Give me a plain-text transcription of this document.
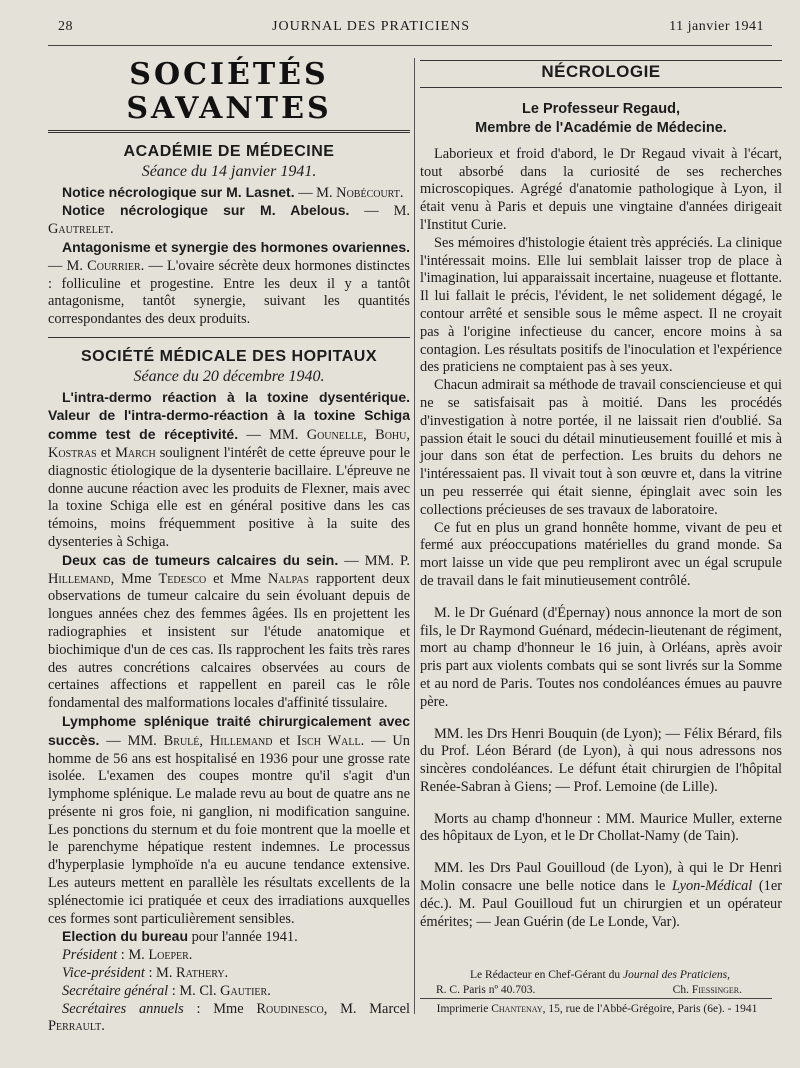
28	JOURNAL DES PRATICIENS	11 janvier 1941
SOCIÉTÉS SAVANTES
ACADÉMIE DE MÉDECINE
Séance du 14 janvier 1941.

Notice nécrologique sur M. Lasnet. — M. Nobécourt.

Notice nécrologique sur M. Abelous. — M. Gautrelet.

Antagonisme et synergie des hormones ovariennes. — M. Courrier. — L'ovaire sécrète deux hormones distinctes : folliculine et progestine. Entre les deux il y a tantôt antagonisme, tantôt synergie, suivant les quantités correspondantes des deux produits.

SOCIÉTÉ MÉDICALE DES HOPITAUX
Séance du 20 décembre 1940.

L'intra-dermo réaction à la toxine dysentérique. Valeur de l'intra-dermo-réaction à la toxine Schiga comme test de réceptivité. — MM. Gounelle, Bohu, Kostras et March soulignent l'intérêt de cette épreuve pour le diagnostic étiologique de la dysenterie bacillaire. L'épreuve ne donne aucune réaction avec les produits de Flexner, mais avec la toxine Schiga elle est en général positive dans les cas témoins, moins fréquemment positive à la suite des dysenteries à Schiga.

Deux cas de tumeurs calcaires du sein. — MM. P. Hillemand, Mme Tedesco et Mme Nalpas rapportent deux observations de tumeur calcaire du sein évoluant depuis de longues années chez des femmes âgées. Ils en projettent les radiographies et insistent sur l'étude anatomique et biochimique d'un de ces cas. Ils rapprochent les faits très rares des autres concrétions calcaires observées au cours de certaines affections et rappellent en pareil cas le rôle fondamental des malformations locales d'affinité tissulaire.

Lymphome splénique traité chirurgicalement avec succès. — MM. Brulé, Hillemand et Isch Wall. — Un homme de 56 ans est hospitalisé en 1936 pour une grosse rate isolée. L'examen des coupes montre qu'il s'agit d'un lymphome splénique. Le malade revu au bout de quatre ans ne présente ni gros foie, ni ganglion, ni modification sanguine. Les ponctions du sternum et du foie montrent que la moelle et le parenchyme hépatique restent indemnes. Le processus d'hyperplasie lymphoïde n'a eu aucune tendance extensive. Les auteurs mettent en parallèle les résultats excellents de la splénectomie ici pratiquée et ceux des irradiations auxquelles ces formes sont particulièrement sensibles.

Election du bureau pour l'année 1941.

Président : M. Loeper.

Vice-président : M. Rathery.

Secrétaire général : M. Cl. Gautier.

Secrétaires annuels : Mme Roudinesco, M. Marcel Perrault.

NÉCROLOGIE
Le Professeur Regaud,
Membre de l'Académie de Médecine.

Laborieux et froid d'abord, le Dr Regaud vivait à l'écart, tout absorbé dans la curiosité de ses recherches microscopiques. Agrégé d'anatomie pathologique à Lyon, il était venu à Paris et depuis une vingtaine d'années dirigeait l'Institut Curie.

Ses mémoires d'histologie étaient très appréciés. La clinique l'intéressait moins. Elle lui semblait laisser trop de place à l'imagination, lui apparaissait incertaine, nuageuse et flottante. Il lui fallait le précis, l'évident, le net solidement dégagé, le contour arrêté et sensible sous le même aspect. Il ne croyait pas à l'origine infectieuse du cancer, encore moins à sa contagion. Les résultats positifs de l'inoculation et l'expérience des praticiens ne comptaient pas à ses yeux.

Chacun admirait sa méthode de travail consciencieuse et qui ne se satisfaisait pas à moitié. Dans les procédés d'investigation à notre portée, il ne laissait rien d'oublié. Sa passion était le souci du détail minutieusement fouillé et mis à jour dans son état de perfection. Les bruits du dehors ne l'intéressaient pas. Il vivait tout à son œuvre et, dans la vitrine un peu resserrée qui était sienne, épinglait avec soin les collections précieuses de ses travaux de laboratoire.

Ce fut en plus un grand honnête homme, vivant de peu et fermé aux préoccupations matérielles du grand monde. Sa mort laisse un vide que peu rempliront avec un égal scrupule de travail dans le fait minutieusement contrôlé.

M. le Dr Guénard (d'Épernay) nous annonce la mort de son fils, le Dr Raymond Guénard, médecin-lieutenant de régiment, mort au champ d'honneur le 16 juin, à Orléans, après avoir pris part aux violents combats qui se sont livrés sur la Somme et au nord de Paris. Toutes nos condoléances émues au pauvre père.

MM. les Drs Henri Bouquin (de Lyon); — Félix Bérard, fils du Prof. Léon Bérard (de Lyon), à qui nous adressons nos sincères condoléances. Le défunt était chirurgien de l'hôpital Renée-Sabran à Giens; — Prof. Lemoine (de Lille).

Morts au champ d'honneur : MM. Maurice Muller, externe des hôpitaux de Lyon, et le Dr Chollat-Namy (de Tain).

MM. les Drs Paul Gouilloud (de Lyon), à qui le Dr Henri Molin consacre une belle notice dans le Lyon-Médical (1er déc.). M. Paul Gouilloud fut un chirurgien et un opérateur émérites; — Jean Guérin (de Le Londe, Var).

Le Rédacteur en Chef-Gérant du Journal des Praticiens,
R. C. Paris nº 40.703.	Ch. Fiessinger.
Imprimerie Chantenay, 15, rue de l'Abbé-Grégoire, Paris (6e). - 1941
